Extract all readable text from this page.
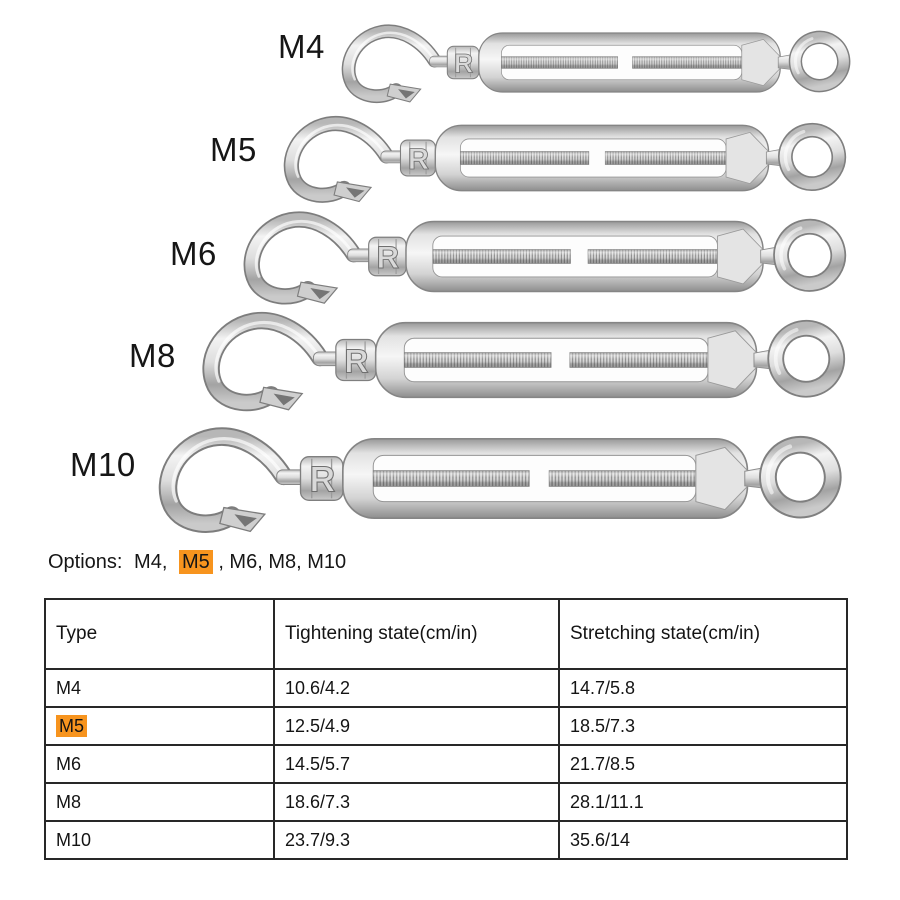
M4
M5
M6
M8
M10
Options: M4, M5 , M6, M8, M10
Type	Tightening state(cm/in)	Stretching state(cm/in)
M4	10.6/4.2	14.7/5.8
M5	12.5/4.9	18.5/7.3
M6	14.5/5.7	21.7/8.5
M8	18.6/7.3	28.1/11.1
M10	23.7/9.3	35.6/14
